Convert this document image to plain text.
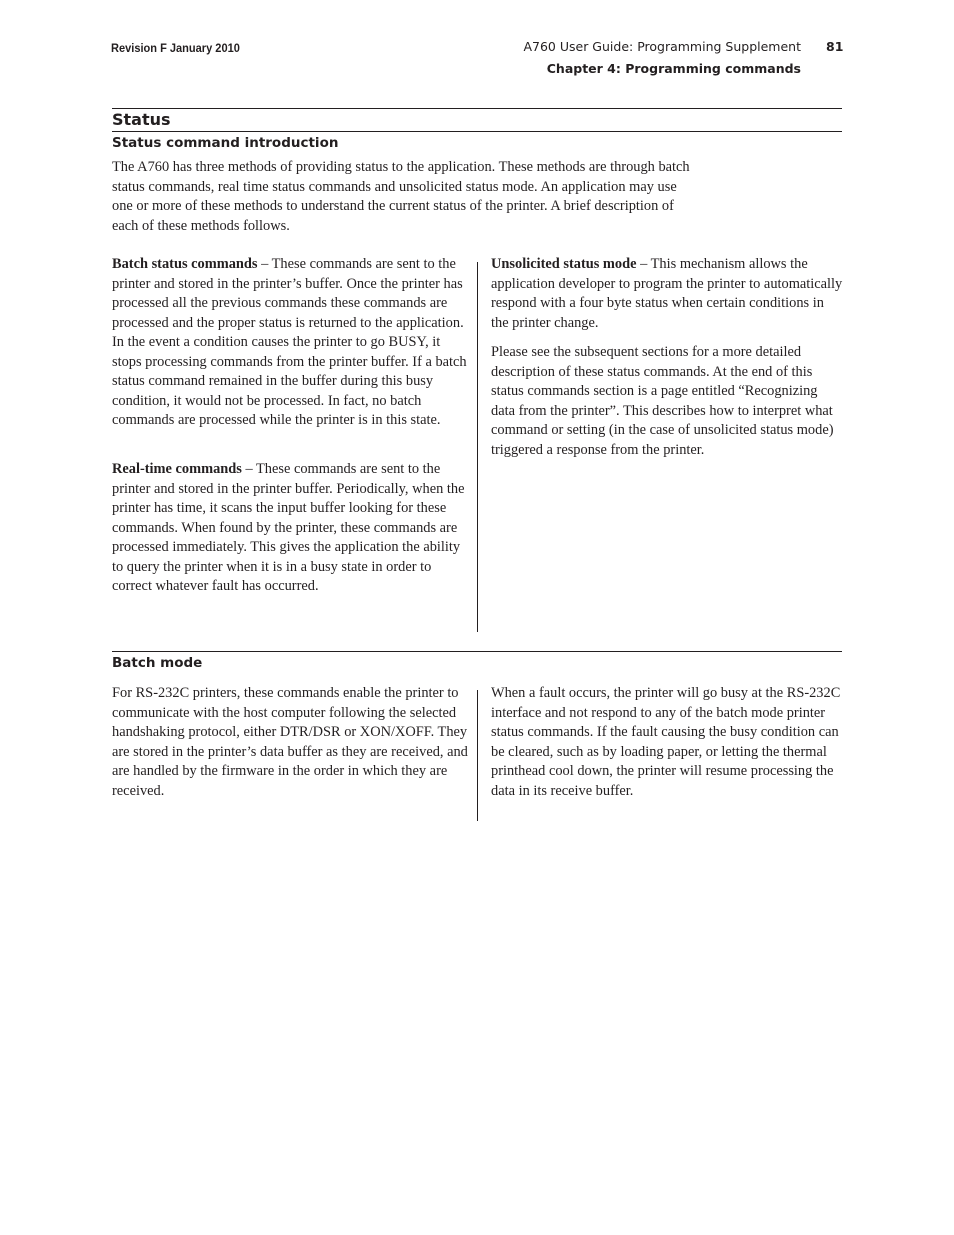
Revision F January 2010	A760 User Guide: Programming Supplement 81
Chapter 4: Programming commands
Status
Status command introduction

The A760 has three methods of providing status to the application. These methods are through batch status commands, real time status commands and unsolicited status mode. An application may use one or more of these methods to understand the current status of the printer. A brief description of each of these methods follows.

Batch status commands – These commands are sent to the printer and stored in the printer’s buffer. Once the printer has processed all the previous commands these commands are processed and the proper status is returned to the application. In the event a condition causes the printer to go BUSY, it stops processing commands from the printer buffer. If a batch status command remained in the buffer during this busy condition, it would not be processed. In fact, no batch commands are processed while the printer is in this state.

Real-time commands – These commands are sent to the printer and stored in the printer buffer. Periodically, when the printer has time, it scans the input buffer looking for these commands. When found by the printer, these commands are processed immediately. This gives the application the ability to query the printer when it is in a busy state in order to correct whatever fault has occurred.

Unsolicited status mode – This mechanism allows the application developer to program the printer to automatically respond with a four byte status when certain conditions in the printer change.

Please see the subsequent sections for a more detailed description of these status commands. At the end of this status commands section is a page entitled “Recognizing data from the printer”. This describes how to interpret what command or setting (in the case of unsolicited status mode) triggered a response from the printer.

Batch mode

For RS-232C printers, these commands enable the printer to communicate with the host computer following the selected handshaking protocol, either DTR/DSR or XON/XOFF. They are stored in the printer’s data buffer as they are received, and are handled by the firmware in the order in which they are received.

When a fault occurs, the printer will go busy at the RS-232C interface and not respond to any of the batch mode printer status commands. If the fault causing the busy condition can be cleared, such as by loading paper, or letting the thermal printhead cool down, the printer will resume processing the data in its receive buffer.
